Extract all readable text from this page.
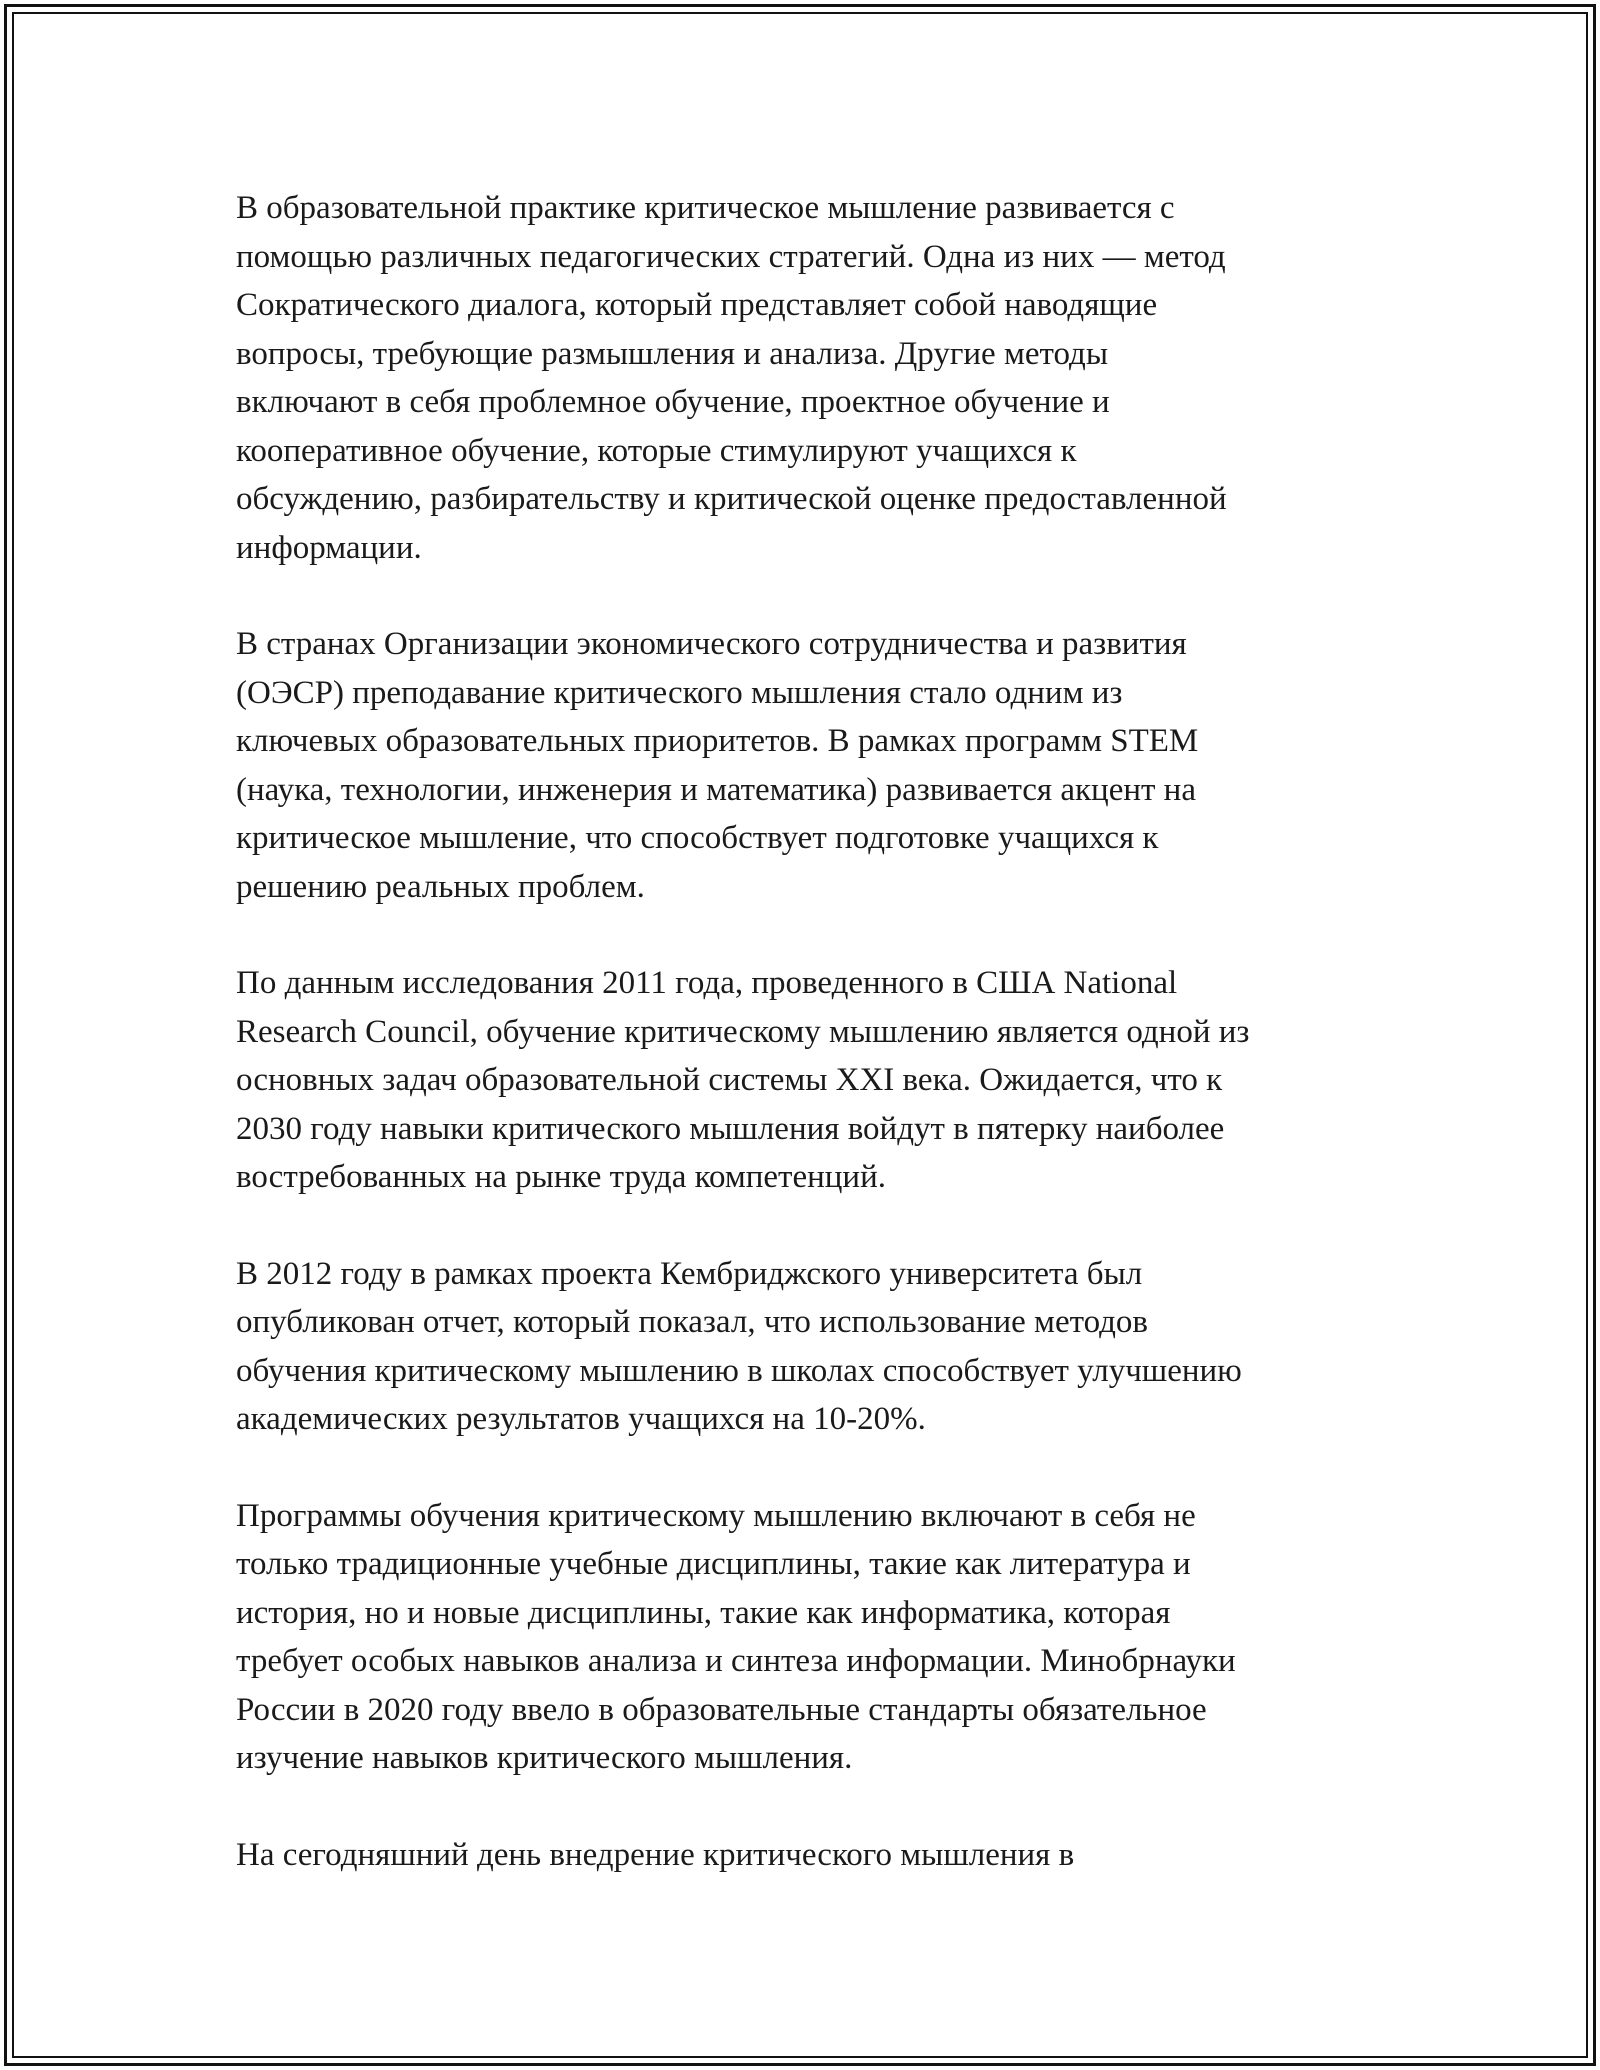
В образовательной практике критическое мышление развивается с
помощью различных педагогических стратегий. Одна из них — метод
Сократического диалога, который представляет собой наводящие
вопросы, требующие размышления и анализа. Другие методы
включают в себя проблемное обучение, проектное обучение и
кооперативное обучение, которые стимулируют учащихся к
обсуждению, разбирательству и критической оценке предоставленной
информации.

В странах Организации экономического сотрудничества и развития
(ОЭСР) преподавание критического мышления стало одним из
ключевых образовательных приоритетов. В рамках программ STEM
(наука, технологии, инженерия и математика) развивается акцент на
критическое мышление, что способствует подготовке учащихся к
решению реальных проблем.

По данным исследования 2011 года, проведенного в США National
Research Council, обучение критическому мышлению является одной из
основных задач образовательной системы XXI века. Ожидается, что к
2030 году навыки критического мышления войдут в пятерку наиболее
востребованных на рынке труда компетенций.

В 2012 году в рамках проекта Кембриджского университета был
опубликован отчет, который показал, что использование методов
обучения критическому мышлению в школах способствует улучшению
академических результатов учащихся на 10-20%.

Программы обучения критическому мышлению включают в себя не
только традиционные учебные дисциплины, такие как литература и
история, но и новые дисциплины, такие как информатика, которая
требует особых навыков анализа и синтеза информации. Минобрнауки
России в 2020 году ввело в образовательные стандарты обязательное
изучение навыков критического мышления.

На сегодняшний день внедрение критического мышления в
